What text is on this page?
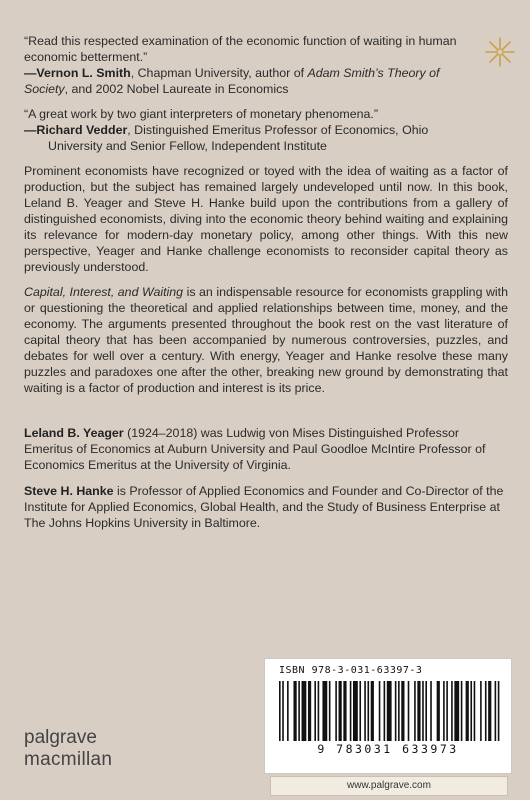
“Read this respected examination of the economic function of waiting in human economic betterment.”
—Vernon L. Smith, Chapman University, author of Adam Smith’s Theory of Society, and 2002 Nobel Laureate in Economics
“A great work by two giant interpreters of monetary phenomena.”
—Richard Vedder, Distinguished Emeritus Professor of Economics, Ohio
University and Senior Fellow, Independent Institute

Prominent economists have recognized or toyed with the idea of waiting as a factor of production, but the subject has remained largely undeveloped until now. In this book, Leland B. Yeager and Steve H. Hanke build upon the contributions from a gallery of distinguished economists, diving into the economic theory behind waiting and explaining its relevance for modern-day monetary policy, among other things. With this new perspective, Yeager and Hanke challenge economists to reconsider capital theory as previously understood.

Capital, Interest, and Waiting is an indispensable resource for economists grappling with or questioning the theoretical and applied relationships between time, money, and the economy. The arguments presented throughout the book rest on the vast literature of capital theory that has been accompanied by numerous controversies, puzzles, and debates for well over a century. With energy, Yeager and Hanke resolve these many puzzles and paradoxes one after the other, breaking new ground by demonstrating that waiting is a factor of production and interest is its price.

Leland B. Yeager (1924–2018) was Ludwig von Mises Distinguished Professor Emeritus of Economics at Auburn University and Paul Goodloe McIntire Professor of Economics Emeritus at the University of Virginia.

Steve H. Hanke is Professor of Applied Economics and Founder and Co-Director of the Institute for Applied Economics, Global Health, and the Study of Business Enterprise at The Johns Hopkins University in Baltimore.

ISBN 978-3-031-63397-3
9 783031 633973
www.palgrave.com
palgrave
macmillan
